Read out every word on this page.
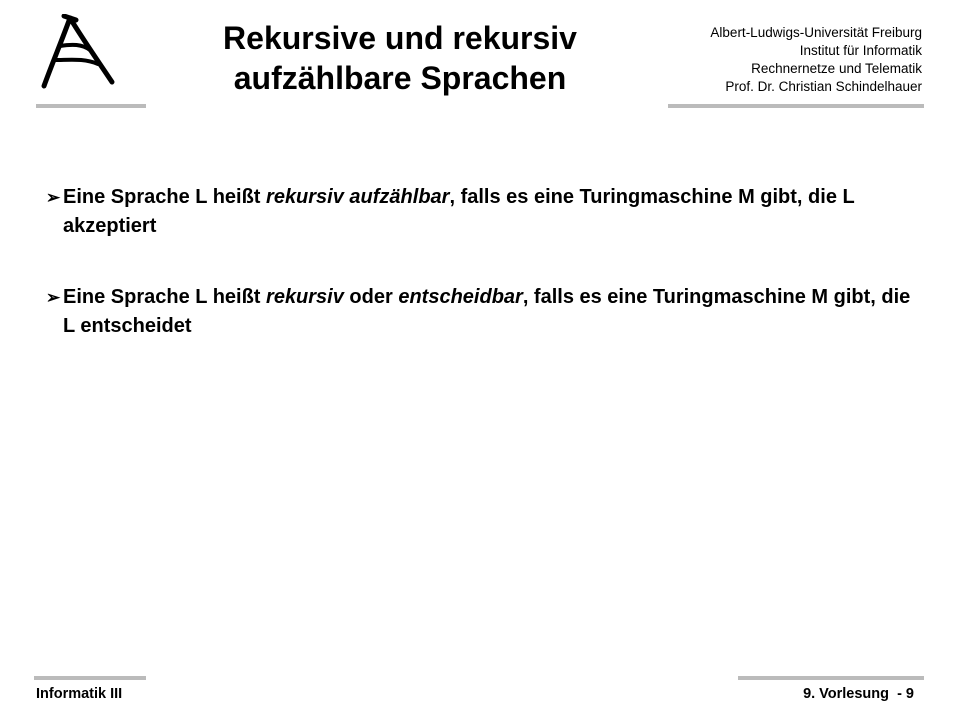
Rekursive und rekursiv
aufzählbare Sprachen
Albert-Ludwigs-Universität Freiburg
Institut für Informatik
Rechnernetze und Telematik
Prof. Dr. Christian Schindelhauer
➢ Eine Sprache L heißt rekursiv aufzählbar, falls es eine Turingmaschine M gibt, die L akzeptiert
➢ Eine Sprache L heißt rekursiv oder entscheidbar, falls es eine Turingmaschine M gibt, die L entscheidet
Informatik III	9. Vorlesung  - 9
